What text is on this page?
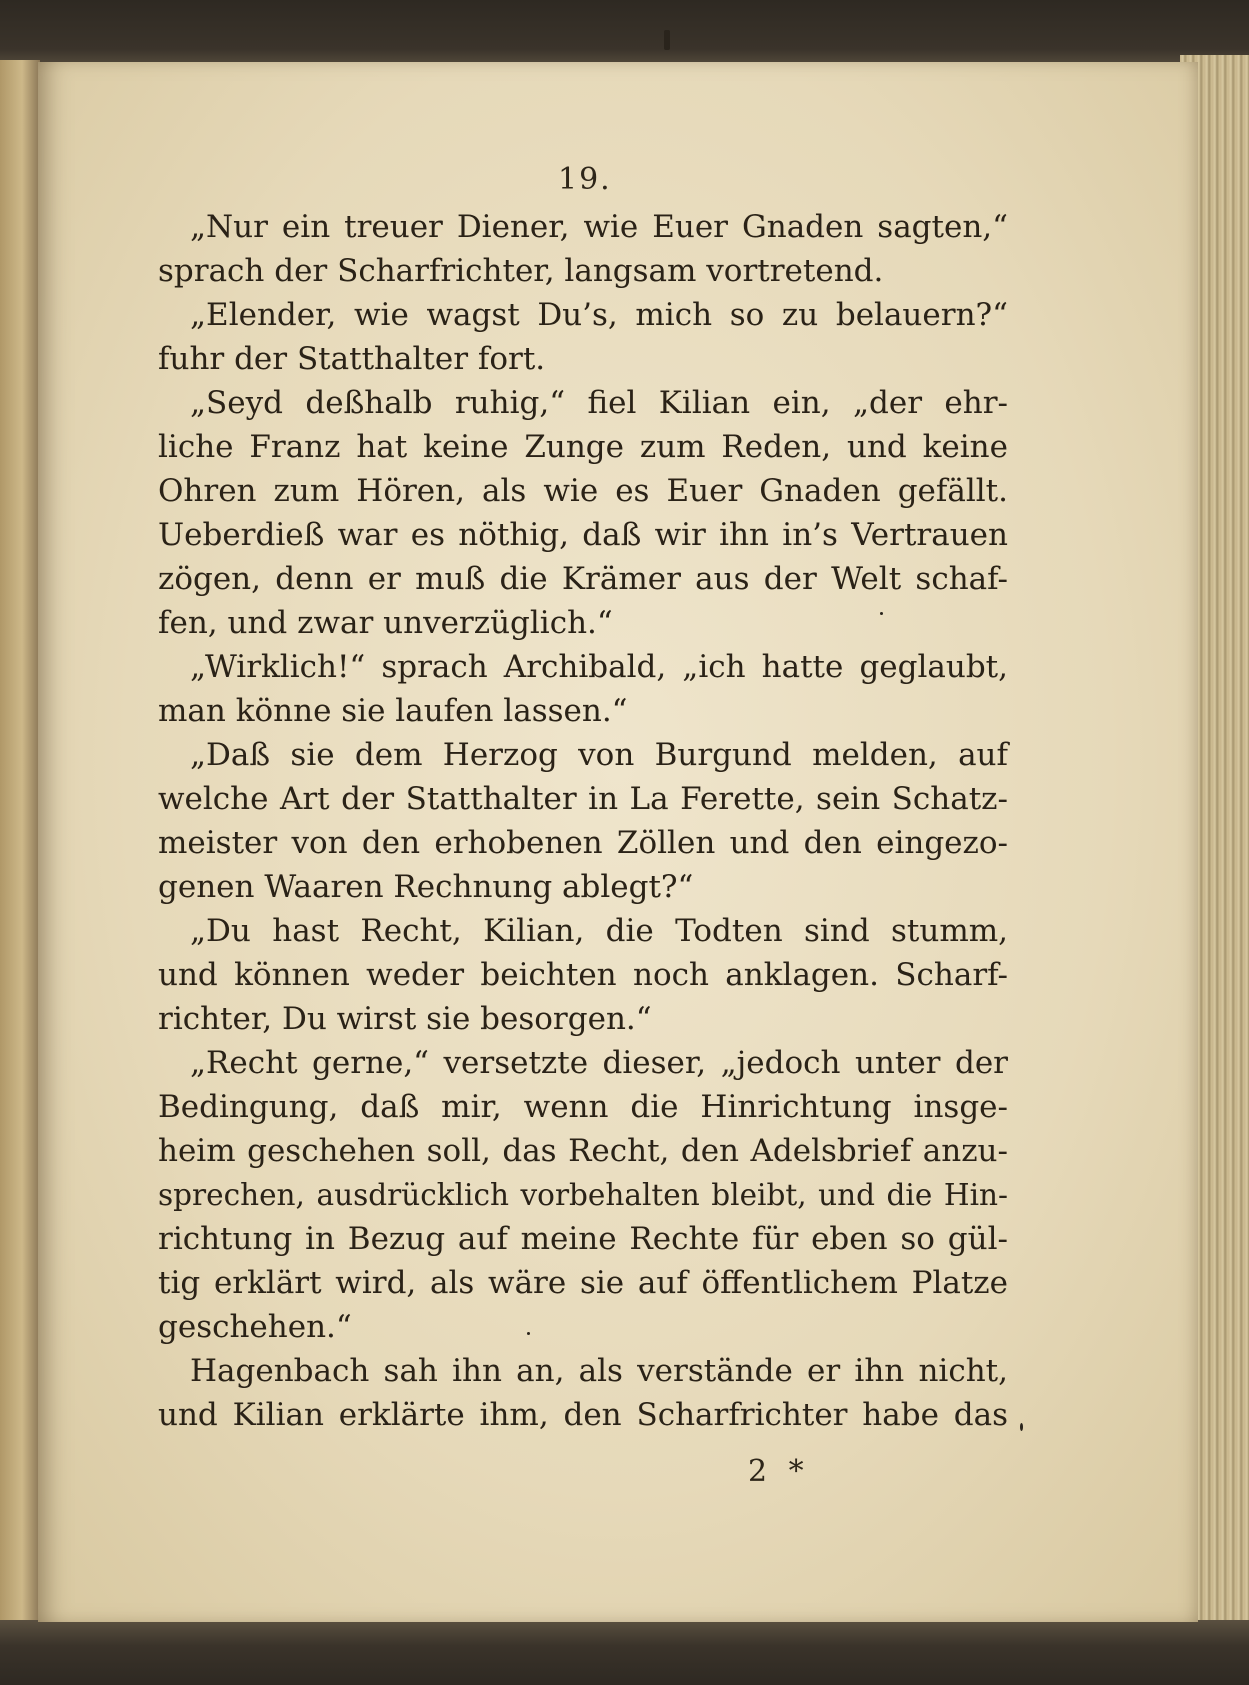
19.
„Nur ein treuer Diener, wie Euer Gnaden sagten,“
sprach der Scharfrichter, langsam vortretend.
„Elender, wie wagst Du’s, mich so zu belauern?“
fuhr der Statthalter fort.
„Seyd deßhalb ruhig,“ fiel Kilian ein, „der ehr-
liche Franz hat keine Zunge zum Reden, und keine
Ohren zum Hören, als wie es Euer Gnaden gefällt.
Ueberdieß war es nöthig, daß wir ihn in’s Vertrauen
zögen, denn er muß die Krämer aus der Welt schaf-
fen, und zwar unverzüglich.“
„Wirklich!“ sprach Archibald, „ich hatte geglaubt,
man könne sie laufen lassen.“
„Daß sie dem Herzog von Burgund melden, auf
welche Art der Statthalter in La Ferette, sein Schatz-
meister von den erhobenen Zöllen und den eingezo-
genen Waaren Rechnung ablegt?“
„Du hast Recht, Kilian, die Todten sind stumm,
und können weder beichten noch anklagen. Scharf-
richter, Du wirst sie besorgen.“
„Recht gerne,“ versetzte dieser, „jedoch unter der
Bedingung, daß mir, wenn die Hinrichtung insge-
heim geschehen soll, das Recht, den Adelsbrief anzu-
sprechen, ausdrücklich vorbehalten bleibt, und die Hin-
richtung in Bezug auf meine Rechte für eben so gül-
tig erklärt wird, als wäre sie auf öffentlichem Platze
geschehen.“
Hagenbach sah ihn an, als verstände er ihn nicht,
und Kilian erklärte ihm, den Scharfrichter habe das
2 *
